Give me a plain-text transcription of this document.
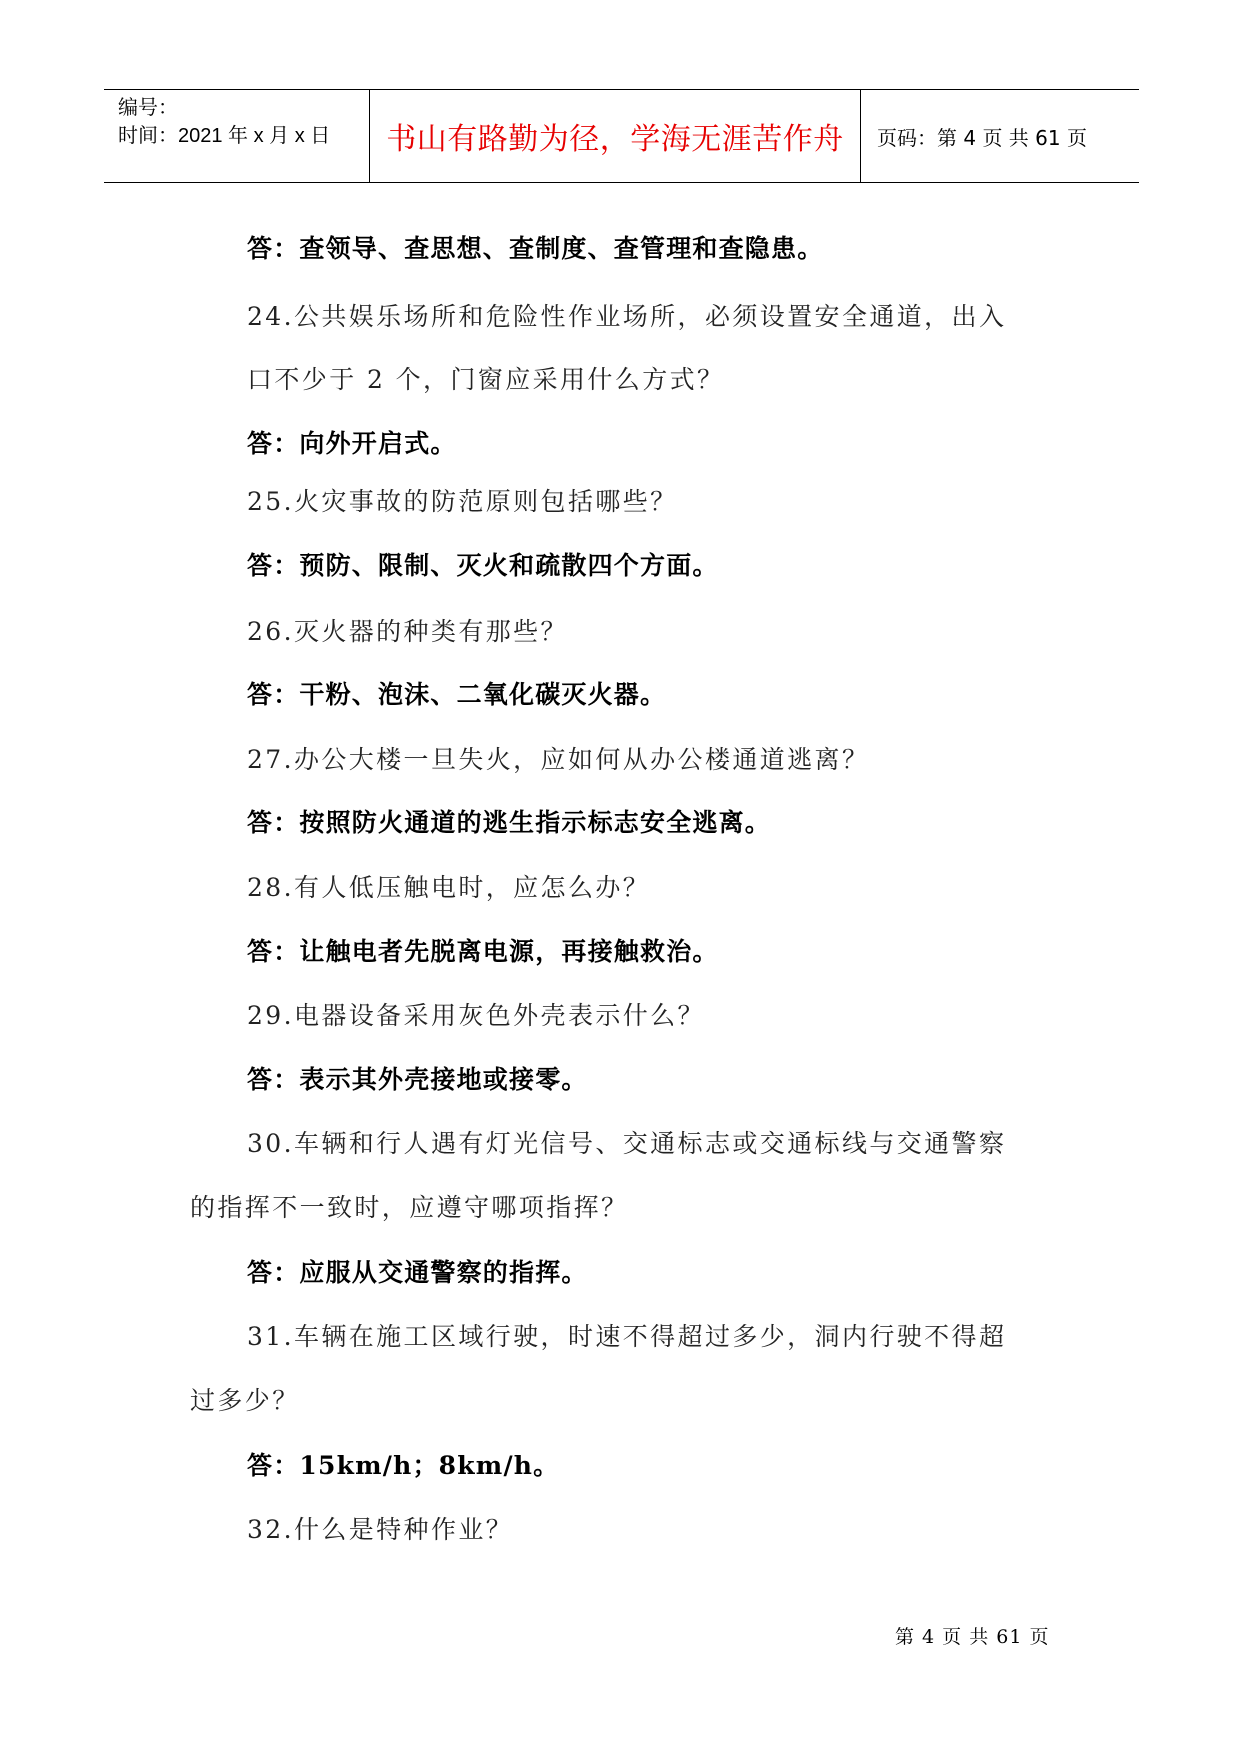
编号：
时间：2021 年 x 月 x 日	书山有路勤为径，学海无涯苦作舟 页码：第 4 页 共 61 页
答：查领导、查思想、查制度、查管理和查隐患。
24.公共娱乐场所和危险性作业场所，必须设置安全通道，出入
口不少于 2 个，门窗应采用什么方式？
答：向外开启式。
25.火灾事故的防范原则包括哪些？
答：预防、限制、灭火和疏散四个方面。
26.灭火器的种类有那些？
答：干粉、泡沫、二氧化碳灭火器。
27.办公大楼一旦失火，应如何从办公楼通道逃离？
答：按照防火通道的逃生指示标志安全逃离。
28.有人低压触电时，应怎么办？
答：让触电者先脱离电源，再接触救治。
29.电器设备采用灰色外壳表示什么？
答：表示其外壳接地或接零。
30.车辆和行人遇有灯光信号、交通标志或交通标线与交通警察
的指挥不一致时，应遵守哪项指挥？
答：应服从交通警察的指挥。
31.车辆在施工区域行驶，时速不得超过多少，洞内行驶不得超
过多少？
答：15km/h；8km/h。
32.什么是特种作业？
第 4 页 共 61 页
